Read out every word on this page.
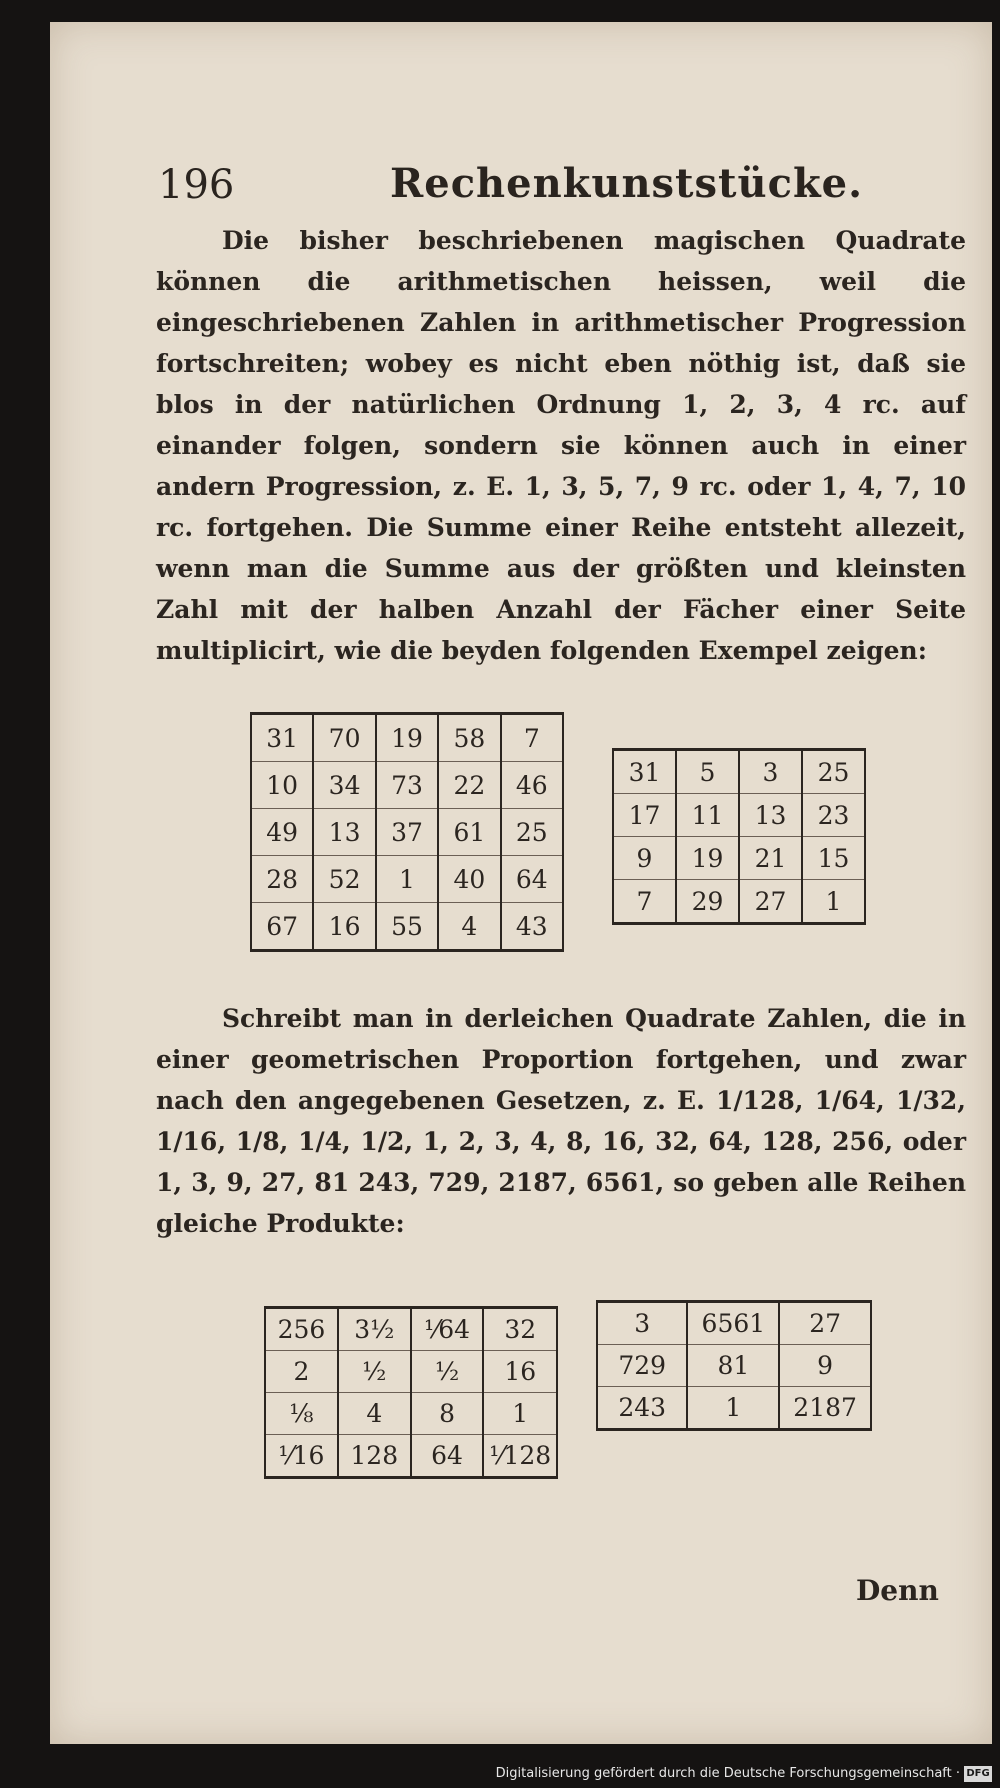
196	Rechenkunststücke.
Die bisher beschriebenen magischen Quadrate können die arithmetischen heissen, weil die eingeschriebenen Zahlen in arithmetischer Progression fortschreiten; wobey es nicht eben nöthig ist, daß sie blos in der natürlichen Ordnung 1, 2, 3, 4 rc. auf einander folgen, sondern sie können auch in einer andern Progression, z. E. 1, 3, 5, 7, 9 rc. oder 1, 4, 7, 10 rc. fortgehen. Die Summe einer Reihe entsteht allezeit, wenn man die Summe aus der größten und kleinsten Zahl mit der halben Anzahl der Fächer einer Seite multiplicirt, wie die beyden folgenden Exempel zeigen:
31	70	19	58	7
10	34	73	22	46
49	13	37	61	25
28	52	1	40	64
67	16	55	4	43
31	5	3	25
17	11	13	23
9	19	21	15
7	29	27	1
Schreibt man in derleichen Quadrate Zahlen, die in einer geometrischen Proportion fortgehen, und zwar nach den angegebenen Gesetzen, z. E. 1/128, 1/64, 1/32, 1/16, 1/8, 1/4, 1/2, 1, 2, 3, 4, 8, 16, 32, 64, 128, 256, oder 1, 3, 9, 27, 81 243, 729, 2187, 6561, so geben alle Reihen gleiche Produkte:
256	3½	⅟64	32
2	½	½	16
⅛	4	8	1
⅟16	128	64	⅟128
3	6561	27
729	81	9
243	1	2187
Denn
Digitalisierung gefördert durch die Deutsche Forschungsgemeinschaft · DFG
